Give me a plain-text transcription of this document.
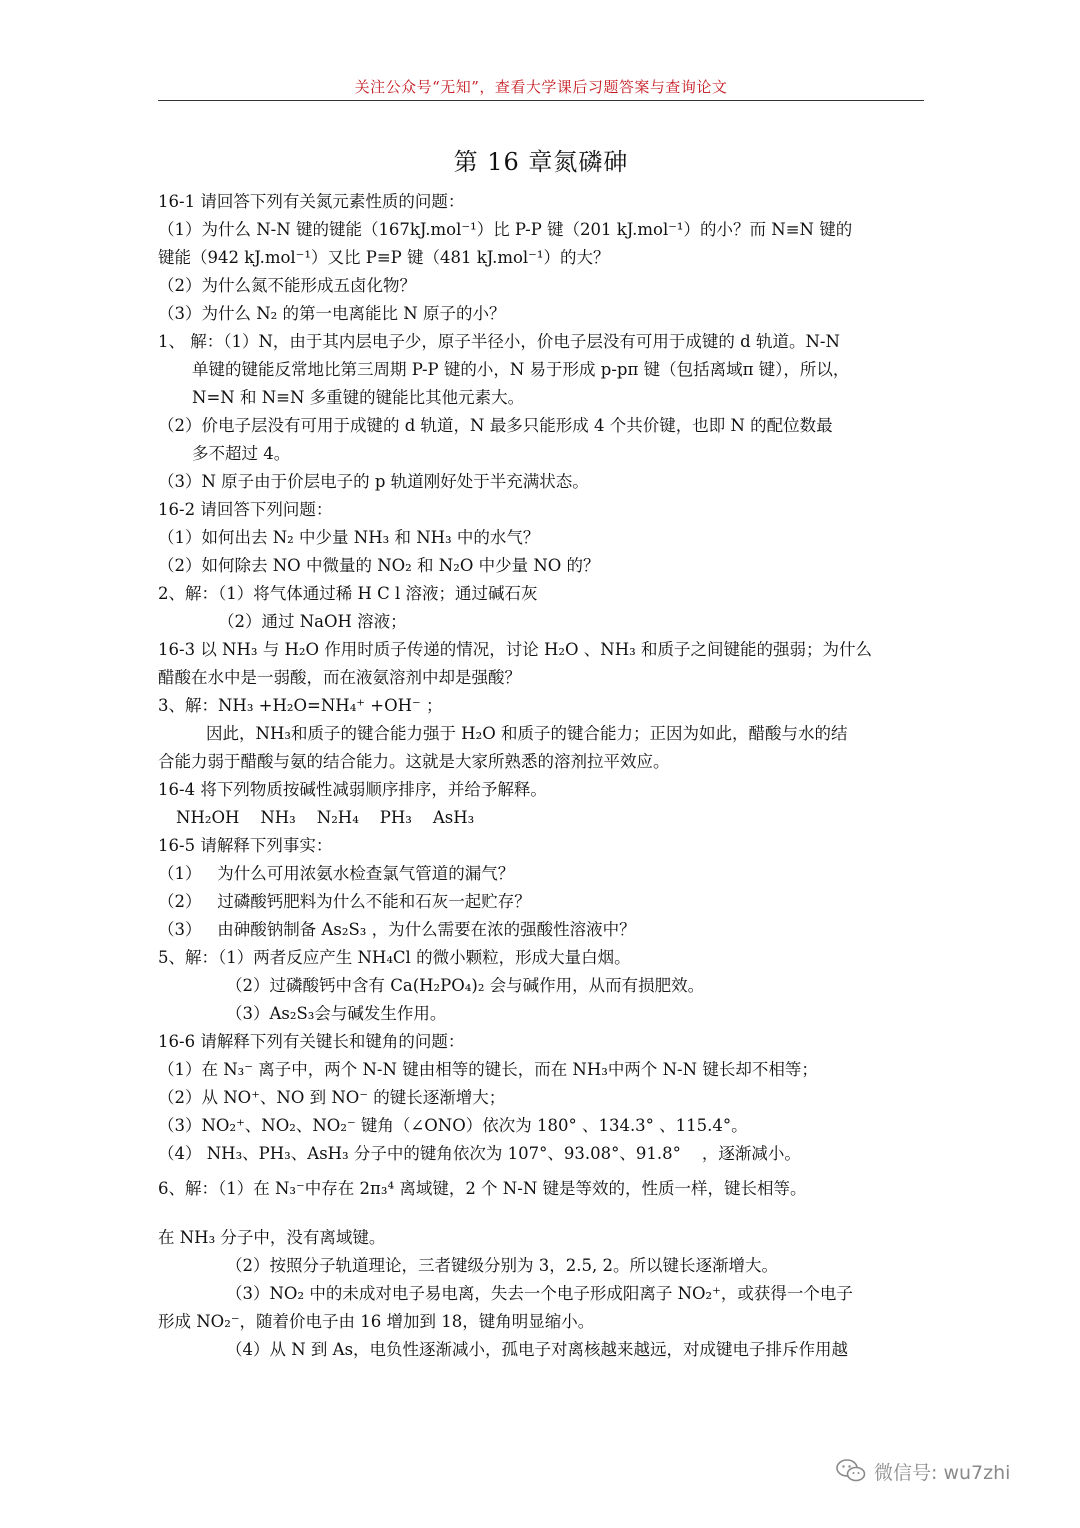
关注公众号“无知”，查看大学课后习题答案与查询论文
第 16 章氮磷砷

16-1 请回答下列有关氮元素性质的问题：

（1）为什么 N-N 键的键能（167kJ.mol⁻¹）比 P-P 键（201 kJ.mol⁻¹）的小？而 N≡N 键的

键能（942 kJ.mol⁻¹）又比 P≡P 键（481 kJ.mol⁻¹）的大？

（2）为什么氮不能形成五卤化物？

（3）为什么 N₂ 的第一电离能比 N 原子的小？

1、 解：（1）N，由于其内层电子少，原子半径小，价电子层没有可用于成键的 d 轨道。N-N

单键的键能反常地比第三周期 P-P 键的小，N 易于形成 p-pπ 键（包括离域π 键），所以，

N=N 和 N≡N 多重键的键能比其他元素大。

（2）价电子层没有可用于成键的 d 轨道，N 最多只能形成 4 个共价键，也即 N 的配位数最

多不超过 4。

（3）N 原子由于价层电子的 p 轨道刚好处于半充满状态。

16-2 请回答下列问题：

（1）如何出去 N₂ 中少量 NH₃ 和 NH₃ 中的水气？

（2）如何除去 NO 中微量的 NO₂ 和 N₂O 中少量 NO 的？

2、解：（1）将气体通过稀 H C l 溶液；通过碱石灰

（2）通过 NaOH 溶液；

16-3 以 NH₃ 与 H₂O 作用时质子传递的情况，讨论 H₂O 、NH₃ 和质子之间键能的强弱；为什么

醋酸在水中是一弱酸，而在液氨溶剂中却是强酸？

3、解：NH₃ +H₂O=NH₄⁺ +OH⁻ ；

因此，NH₃和质子的键合能力强于 H₂O 和质子的键合能力；正因为如此，醋酸与水的结

合能力弱于醋酸与氨的结合能力。这就是大家所熟悉的溶剂拉平效应。

16-4 将下列物质按碱性减弱顺序排序，并给予解释。

NH₂OH    NH₃    N₂H₄    PH₃    AsH₃

16-5 请解释下列事实：

（1）   为什么可用浓氨水检查氯气管道的漏气？

（2）   过磷酸钙肥料为什么不能和石灰一起贮存？

（3）   由砷酸钠制备 As₂S₃ ，为什么需要在浓的强酸性溶液中？

5、解：（1）两者反应产生 NH₄Cl 的微小颗粒，形成大量白烟。

（2）过磷酸钙中含有 Ca(H₂PO₄)₂ 会与碱作用，从而有损肥效。

（3）As₂S₃会与碱发生作用。

16-6 请解释下列有关键长和键角的问题：

（1）在 N₃⁻ 离子中，两个 N-N 键由相等的键长，而在 NH₃中两个 N-N 键长却不相等；

（2）从 NO⁺、NO 到 NO⁻ 的键长逐渐增大；

（3）NO₂⁺、NO₂、NO₂⁻ 键角（∠ONO）依次为 180° 、134.3° 、115.4°。

（4） NH₃、PH₃、AsH₃ 分子中的键角依次为 107°、93.08°、91.8°    ，逐渐减小。

6、解：（1）在 N₃⁻中存在 2π₃⁴ 离域键，2 个 N-N 键是等效的，性质一样，键长相等。

在 NH₃ 分子中，没有离域键。

（2）按照分子轨道理论，三者键级分别为 3，2.5, 2。所以键长逐渐增大。

（3）NO₂ 中的未成对电子易电离，失去一个电子形成阳离子 NO₂⁺，或获得一个电子

形成 NO₂⁻，随着价电子由 16 增加到 18，键角明显缩小。

（4）从 N 到 As，电负性逐渐减小，孤电子对离核越来越远，对成键电子排斥作用越

微信号: wu7zhi
